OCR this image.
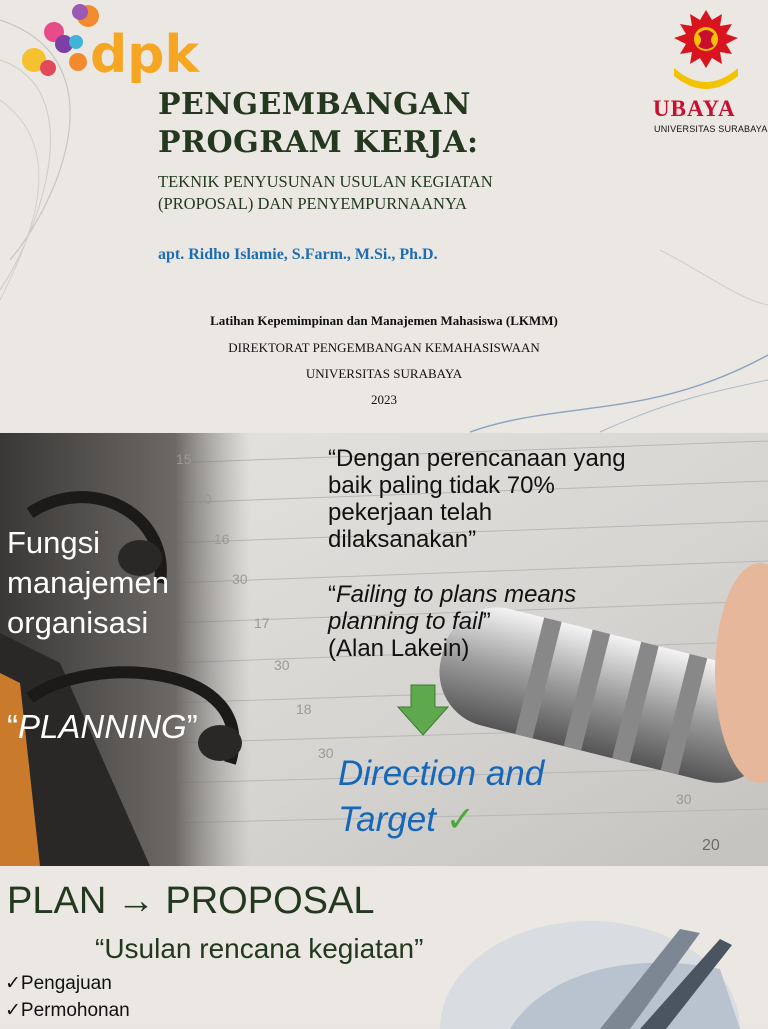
dpk
UBAYA
UNIVERSITAS SURABAYA
PENGEMBANGAN
PROGRAM KERJA:
TEKNIK PENYUSUNAN USULAN KEGIATAN
(PROPOSAL) DAN PENYEMPURNAANYA
apt. Ridho Islamie, S.Farm., M.Si., Ph.D.
Latihan Kepemimpinan dan Manajemen Mahasiswa (LKMM)
DIREKTORAT PENGEMBANGAN KEMAHASISWAAN
UNIVERSITAS SURABAYA
2023
15
30
16
30
17
30
18
30
30
20
Fungsi
manajemen
organisasi
“PLANNING”
“Dengan perencanaan yang
baik paling tidak 70%
pekerjaan telah
dilaksanakan”
“Failing to plans means
planning to fail”
(Alan Lakein)
Direction and
Target ✓
PLAN → PROPOSAL
“Usulan rencana kegiatan”
✓Pengajuan
✓Permohonan
